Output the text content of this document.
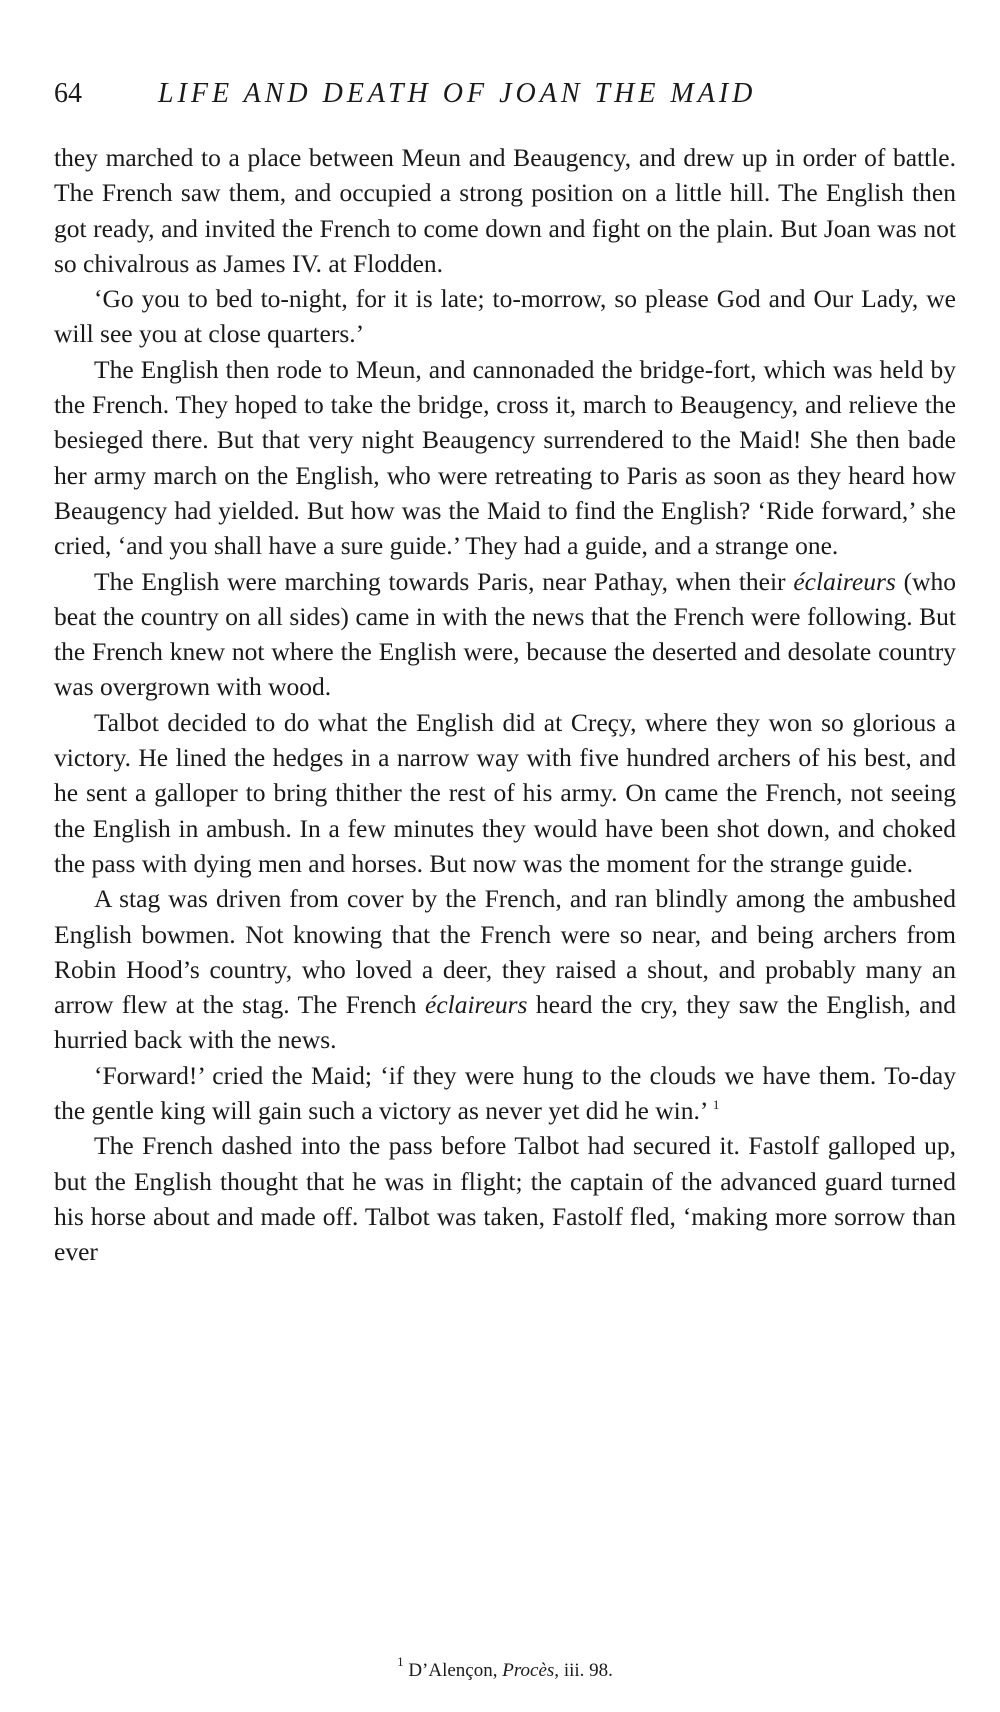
64	LIFE AND DEATH OF JOAN THE MAID

they marched to a place between Meun and Beaugency, and drew up in order of battle. The French saw them, and occupied a strong position on a little hill. The English then got ready, and invited the French to come down and fight on the plain. But Joan was not so chivalrous as James IV. at Flodden.

‘Go you to bed to-night, for it is late; to-morrow, so please God and Our Lady, we will see you at close quarters.’

The English then rode to Meun, and cannonaded the bridge-fort, which was held by the French. They hoped to take the bridge, cross it, march to Beaugency, and relieve the besieged there. But that very night Beaugency surrendered to the Maid! She then bade her army march on the English, who were retreating to Paris as soon as they heard how Beaugency had yielded. But how was the Maid to find the English? ‘Ride forward,’ she cried, ‘and you shall have a sure guide.’ They had a guide, and a strange one.

The English were marching towards Paris, near Pathay, when their éclaireurs (who beat the country on all sides) came in with the news that the French were following. But the French knew not where the English were, because the deserted and desolate country was overgrown with wood.

Talbot decided to do what the English did at Creçy, where they won so glorious a victory. He lined the hedges in a narrow way with five hundred archers of his best, and he sent a galloper to bring thither the rest of his army. On came the French, not seeing the English in ambush. In a few minutes they would have been shot down, and choked the pass with dying men and horses. But now was the moment for the strange guide.

A stag was driven from cover by the French, and ran blindly among the ambushed English bowmen. Not knowing that the French were so near, and being archers from Robin Hood’s country, who loved a deer, they raised a shout, and probably many an arrow flew at the stag. The French éclaireurs heard the cry, they saw the English, and hurried back with the news.

‘Forward!’ cried the Maid; ‘if they were hung to the clouds we have them. To-day the gentle king will gain such a victory as never yet did he win.’ $^1$

The French dashed into the pass before Talbot had secured it. Fastolf galloped up, but the English thought that he was in flight; the captain of the advanced guard turned his horse about and made off. Talbot was taken, Fastolf fled, ‘making more sorrow than ever

$^1$ D’Alençon, Procès, iii. 98.
